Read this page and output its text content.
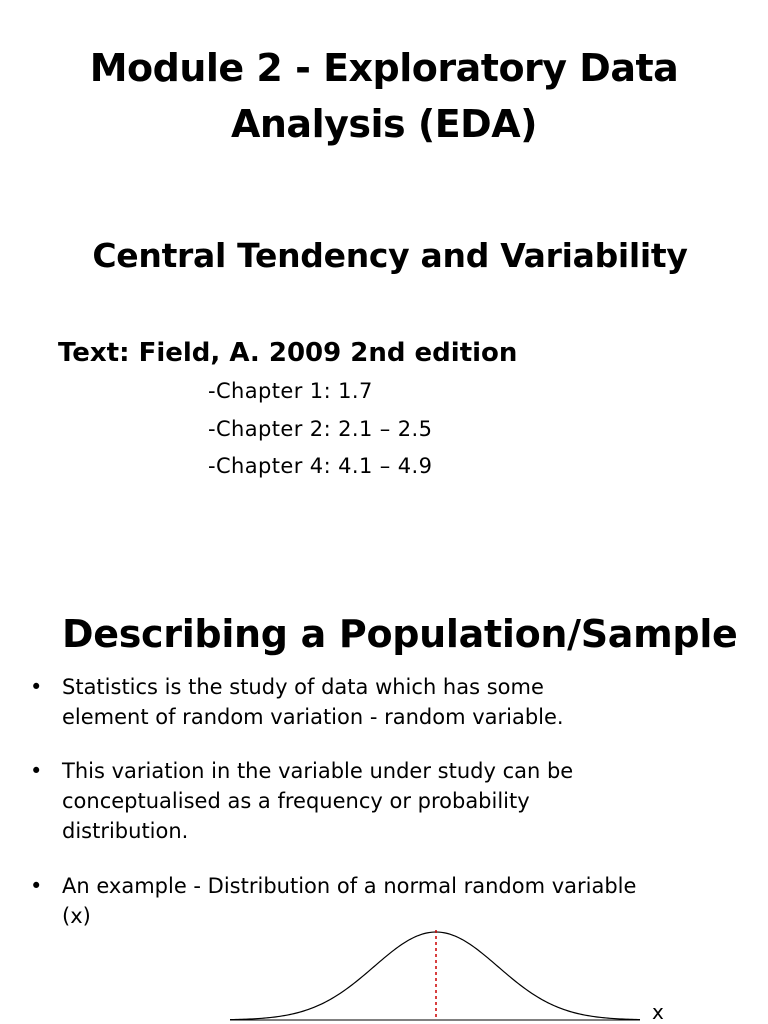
Module 2 - Exploratory Data
Analysis (EDA)
Central Tendency and Variability
Text: Field, A. 2009 2nd edition
-Chapter 1: 1.7
-Chapter 2: 2.1 – 2.5
-Chapter 4: 4.1 – 4.9
Describing a Population/Sample
• Statistics is the study of data which has some
element of random variation - random variable.
• This variation in the variable under study can be
conceptualised as a frequency or probability
distribution.
• An example - Distribution of a normal random variable
(x)
x
